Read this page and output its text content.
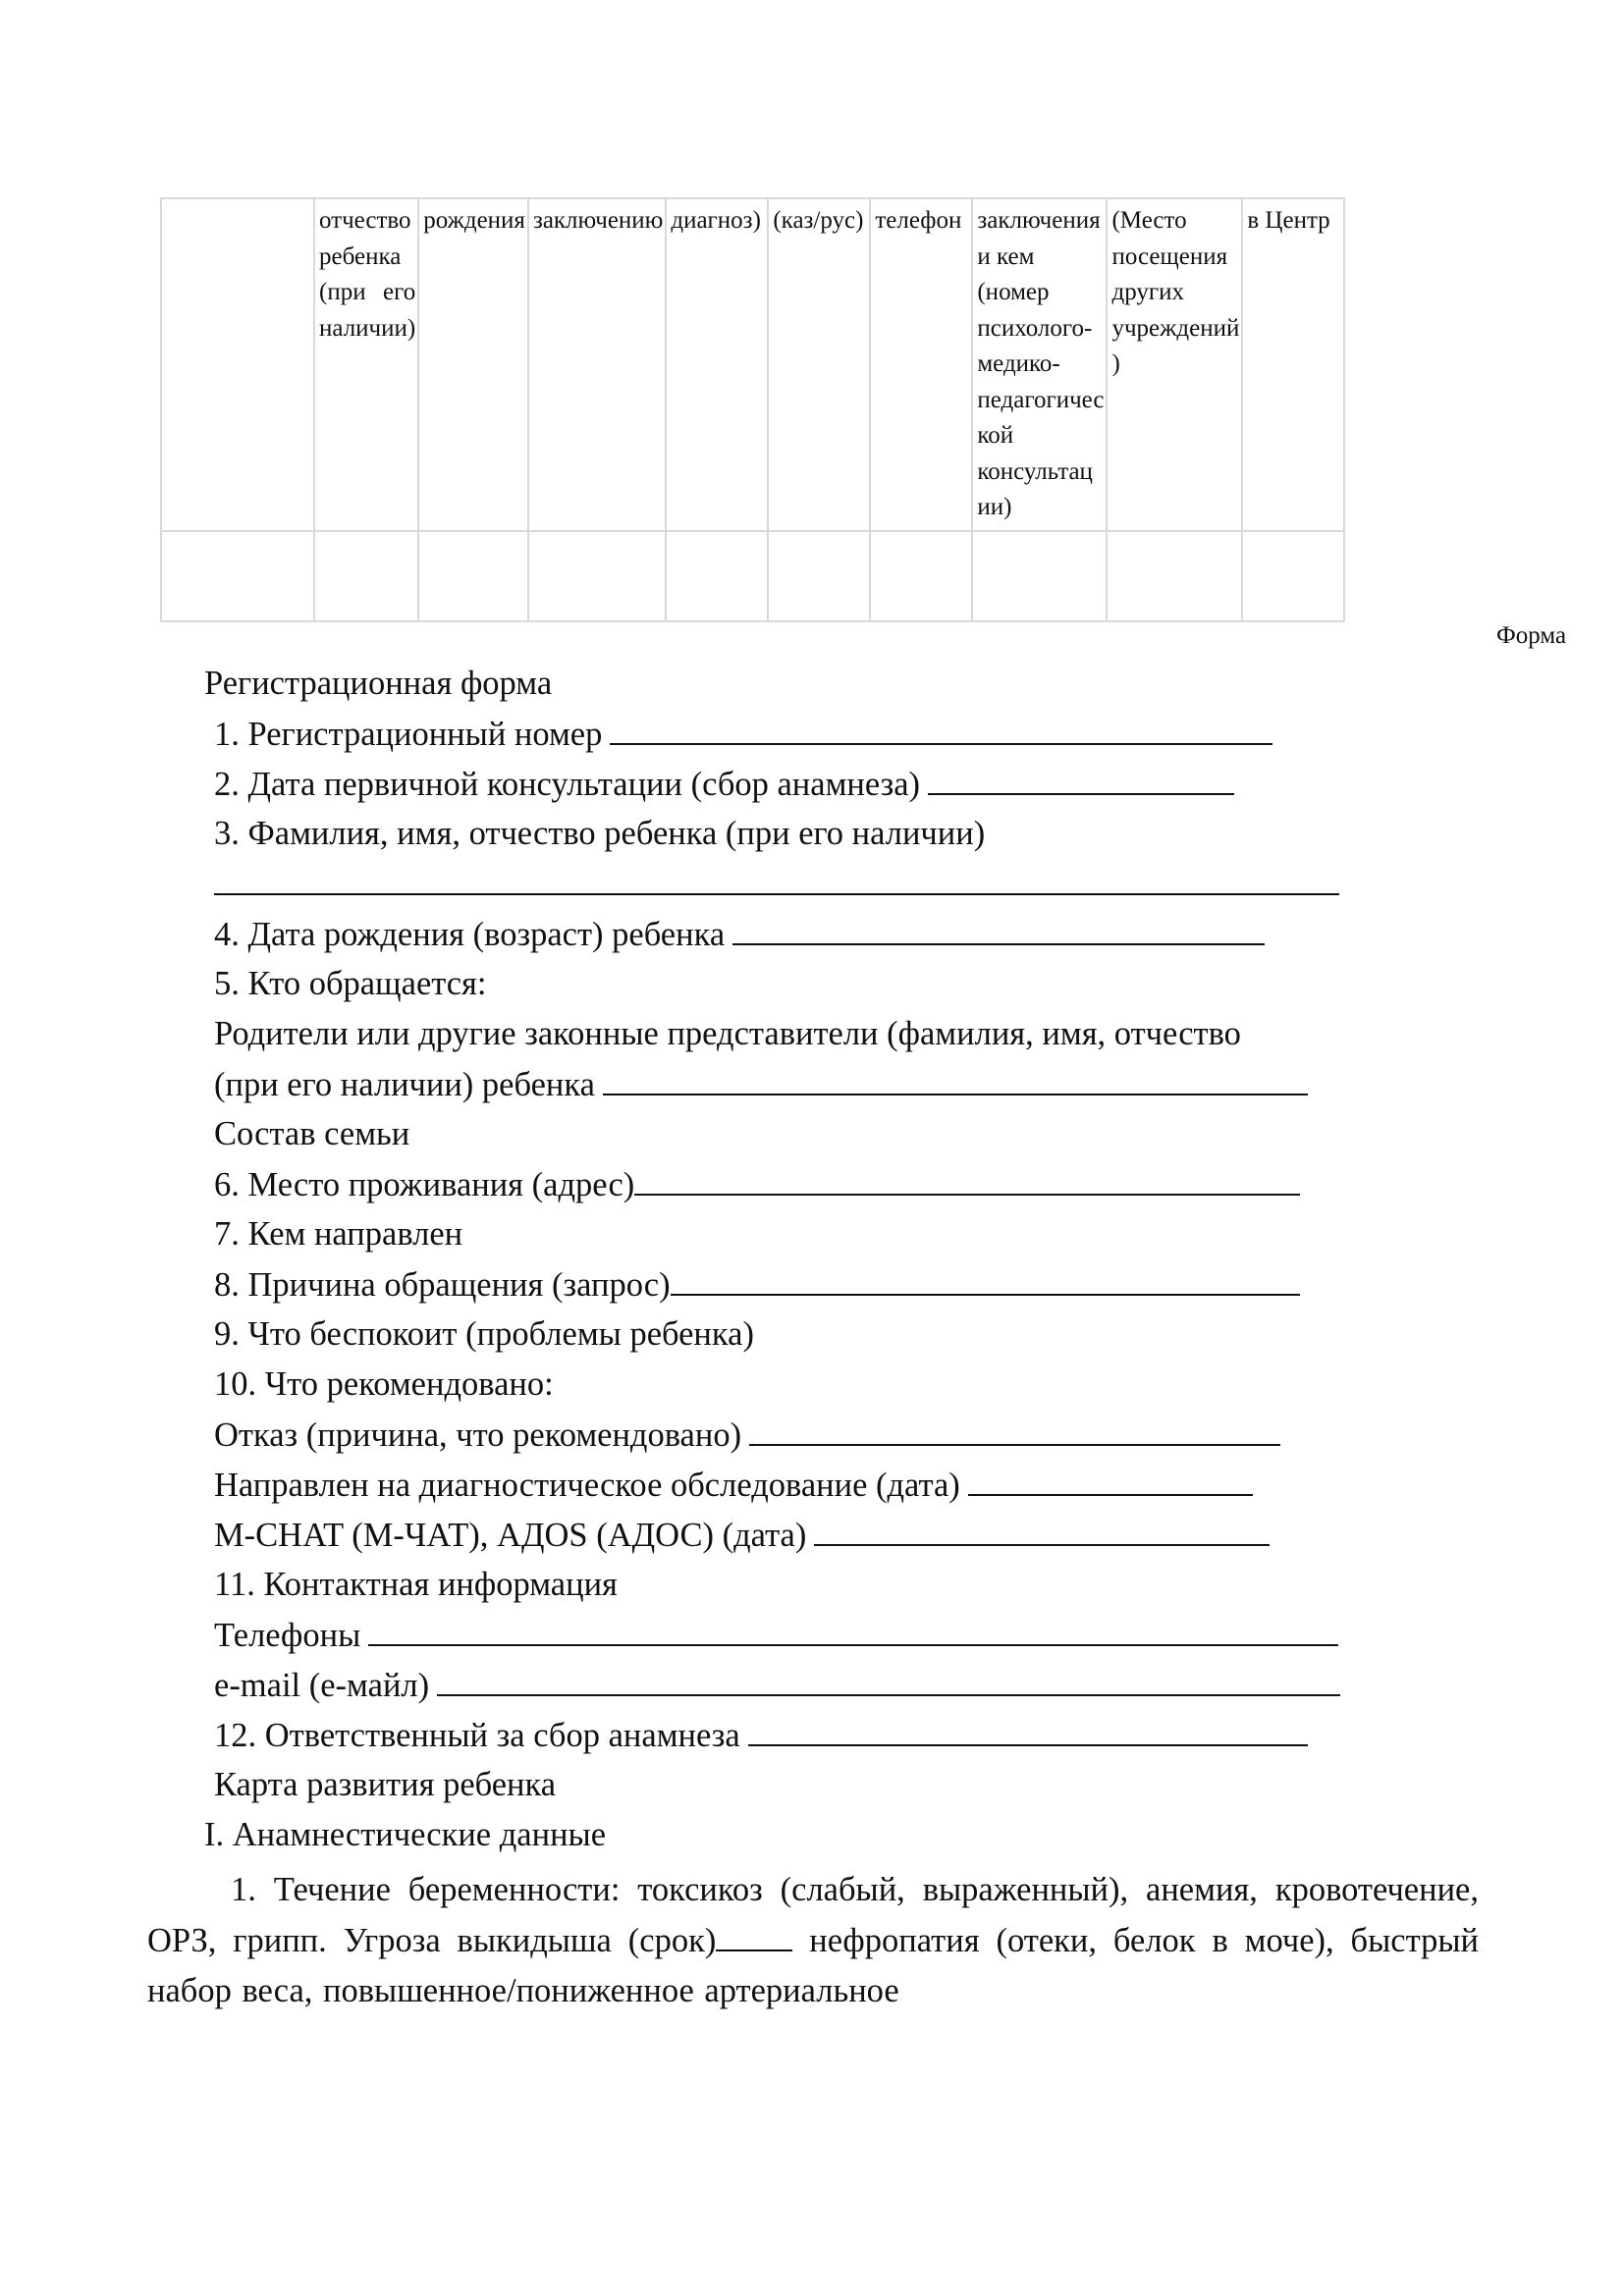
	отчество ребенка (при его наличии)	рождения	заключению	диагноз)	(каз/рус)	телефон	заключения и кем (номер психолого-медико-педагогичес кой консультац ии)	(Место посещения других учреждений )	в Центр

Форма
Регистрационная форма
1. Регистрационный номер
2. Дата первичной консультации (сбор анамнеза)
3. Фамилия, имя, отчество ребенка (при его наличии)
4. Дата рождения (возраст) ребенка
5. Кто обращается:
Родители или другие законные представители (фамилия, имя, отчество
(при его наличии) ребенка
Состав семьи
6. Место проживания (адрес)
7. Кем направлен
8. Причина обращения (запрос)
9. Что беспокоит (проблемы ребенка)
10. Что рекомендовано:
Отказ (причина, что рекомендовано)
Направлен на диагностическое обследование (дата)
M-CHAT (М-ЧАТ), АДОS (АДОС) (дата)
11. Контактная информация
Телефоны
e-mail (е-майл)
12. Ответственный за сбор анамнеза
Карта развития ребенка
I. Анамнестические данные
1. Течение беременности: токсикоз (слабый, выраженный), анемия, кровотечение, ОРЗ, грипп. Угроза выкидыша (срок) нефропатия (отеки, белок в моче), быстрый набор веса, повышенное/пониженное артериальное
